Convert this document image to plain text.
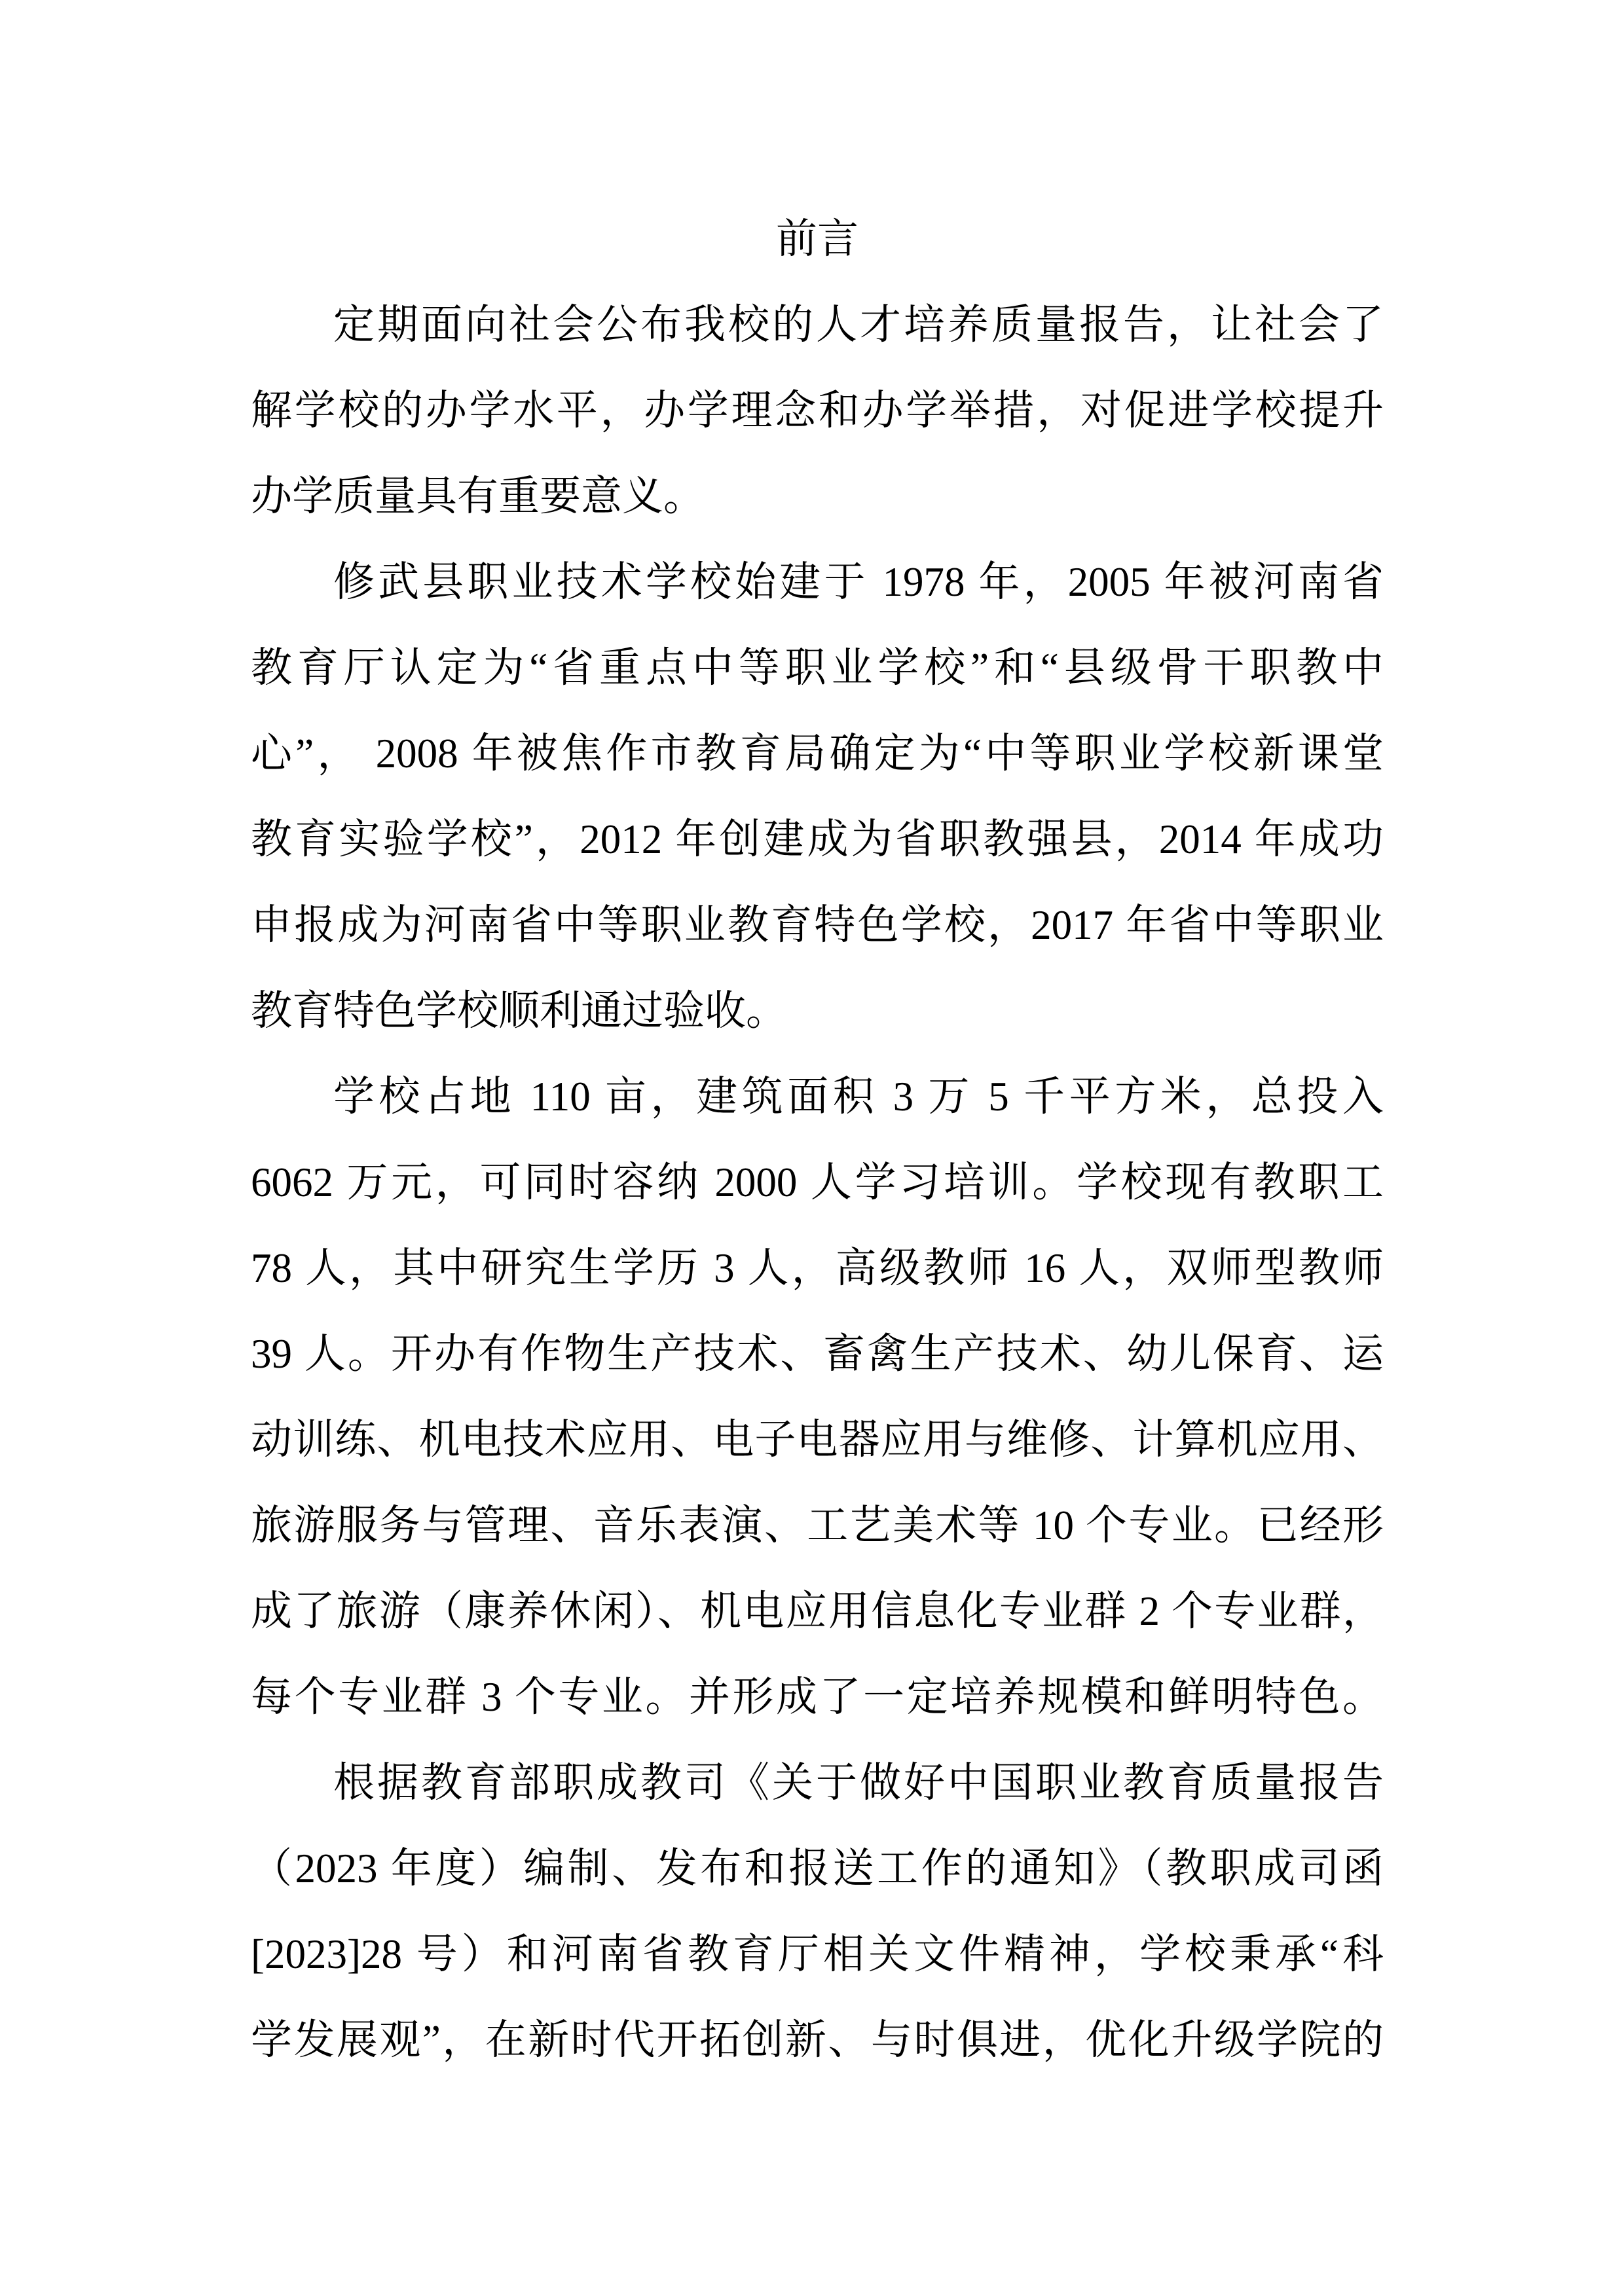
前言
定期面向社会公布我校的人才培养质量报告，让社会了
解学校的办学水平，办学理念和办学举措，对促进学校提升
办学质量具有重要意义。
修武县职业技术学校始建于 1978 年，2005 年被河南省
教育厅认定为“省重点中等职业学校”和“县级骨干职教中
心”， 2008 年被焦作市教育局确定为“中等职业学校新课堂
教育实验学校”，2012 年创建成为省职教强县，2014 年成功
申报成为河南省中等职业教育特色学校，2017 年省中等职业
教育特色学校顺利通过验收。
学校占地 110 亩，建筑面积 3 万 5 千平方米，总投入
6062 万元，可同时容纳 2000 人学习培训。学校现有教职工
78 人，其中研究生学历 3 人，高级教师 16 人，双师型教师
39 人。开办有作物生产技术、畜禽生产技术、幼儿保育、运
动训练、机电技术应用、电子电器应用与维修、计算机应用、
旅游服务与管理、音乐表演、工艺美术等 10 个专业。已经形
成了旅游（康养休闲）、机电应用信息化专业群 2 个专业群，
每个专业群 3 个专业。并形成了一定培养规模和鲜明特色。
根据教育部职成教司《关于做好中国职业教育质量报告
（2023 年度）编制、发布和报送工作的通知》（教职成司函
[2023]28 号）和河南省教育厅相关文件精神，学校秉承“科
学发展观”，在新时代开拓创新、与时俱进，优化升级学院的
